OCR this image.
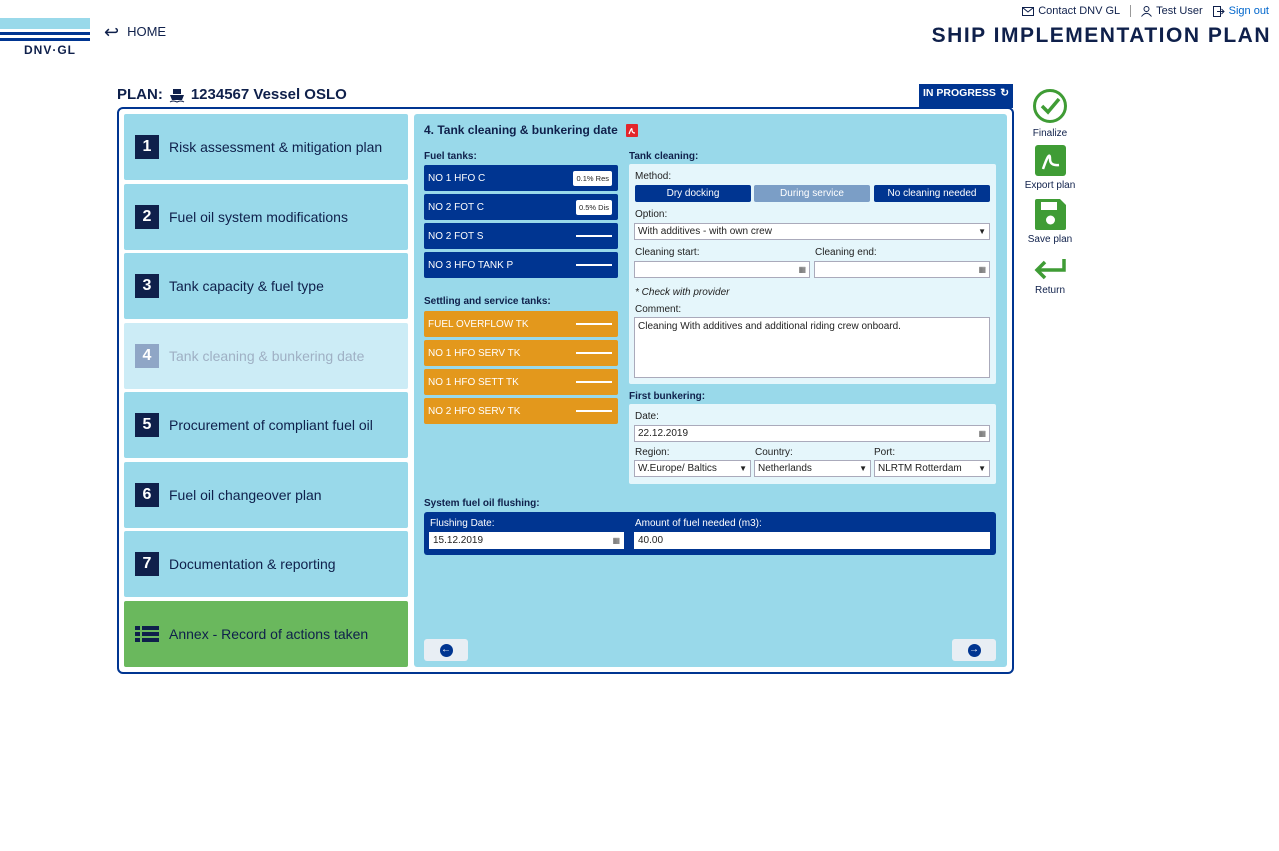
DNV·GL
↩ HOME
Contact DNV GL	Test User Sign out
SHIP IMPLEMENTATION PLAN
PLAN: 1234567 Vessel OSLO	IN PROGRESS ↻
1	Risk assessment & mitigation plan
2	Fuel oil system modifications
3	Tank capacity & fuel type
4	Tank cleaning & bunkering date
5	Procurement of compliant fuel oil
6	Fuel oil changeover plan
7	Documentation & reporting
Annex - Record of actions taken
4. Tank cleaning & bunkering date
Fuel tanks:
NO 1 HFO C	0.1% Res
NO 2 FOT C	0.5% Dis
NO 2 FOT S
NO 3 HFO TANK P
Settling and service tanks:
FUEL OVERFLOW TK
NO 1 HFO SERV TK
NO 1 HFO SETT TK
NO 2 HFO SERV TK
Tank cleaning:
Method:
Dry docking	During service	No cleaning needed
Option:
With additives - with own crew	▼
Cleaning start:
▦
Cleaning end:
▦
* Check with provider
Comment:
Cleaning With additives and additional riding crew onboard.
First bunkering:
Date:
22.12.2019	▦
Region:
W.Europe/ Baltics	▼
Country:
Netherlands	▼
Port:
NLRTM Rotterdam ▼
System fuel oil flushing:
Flushing Date:
15.12.2019	▦
Amount of fuel needed (m3):
40.00
←	→
Finalize
Export plan
Save plan
Return
